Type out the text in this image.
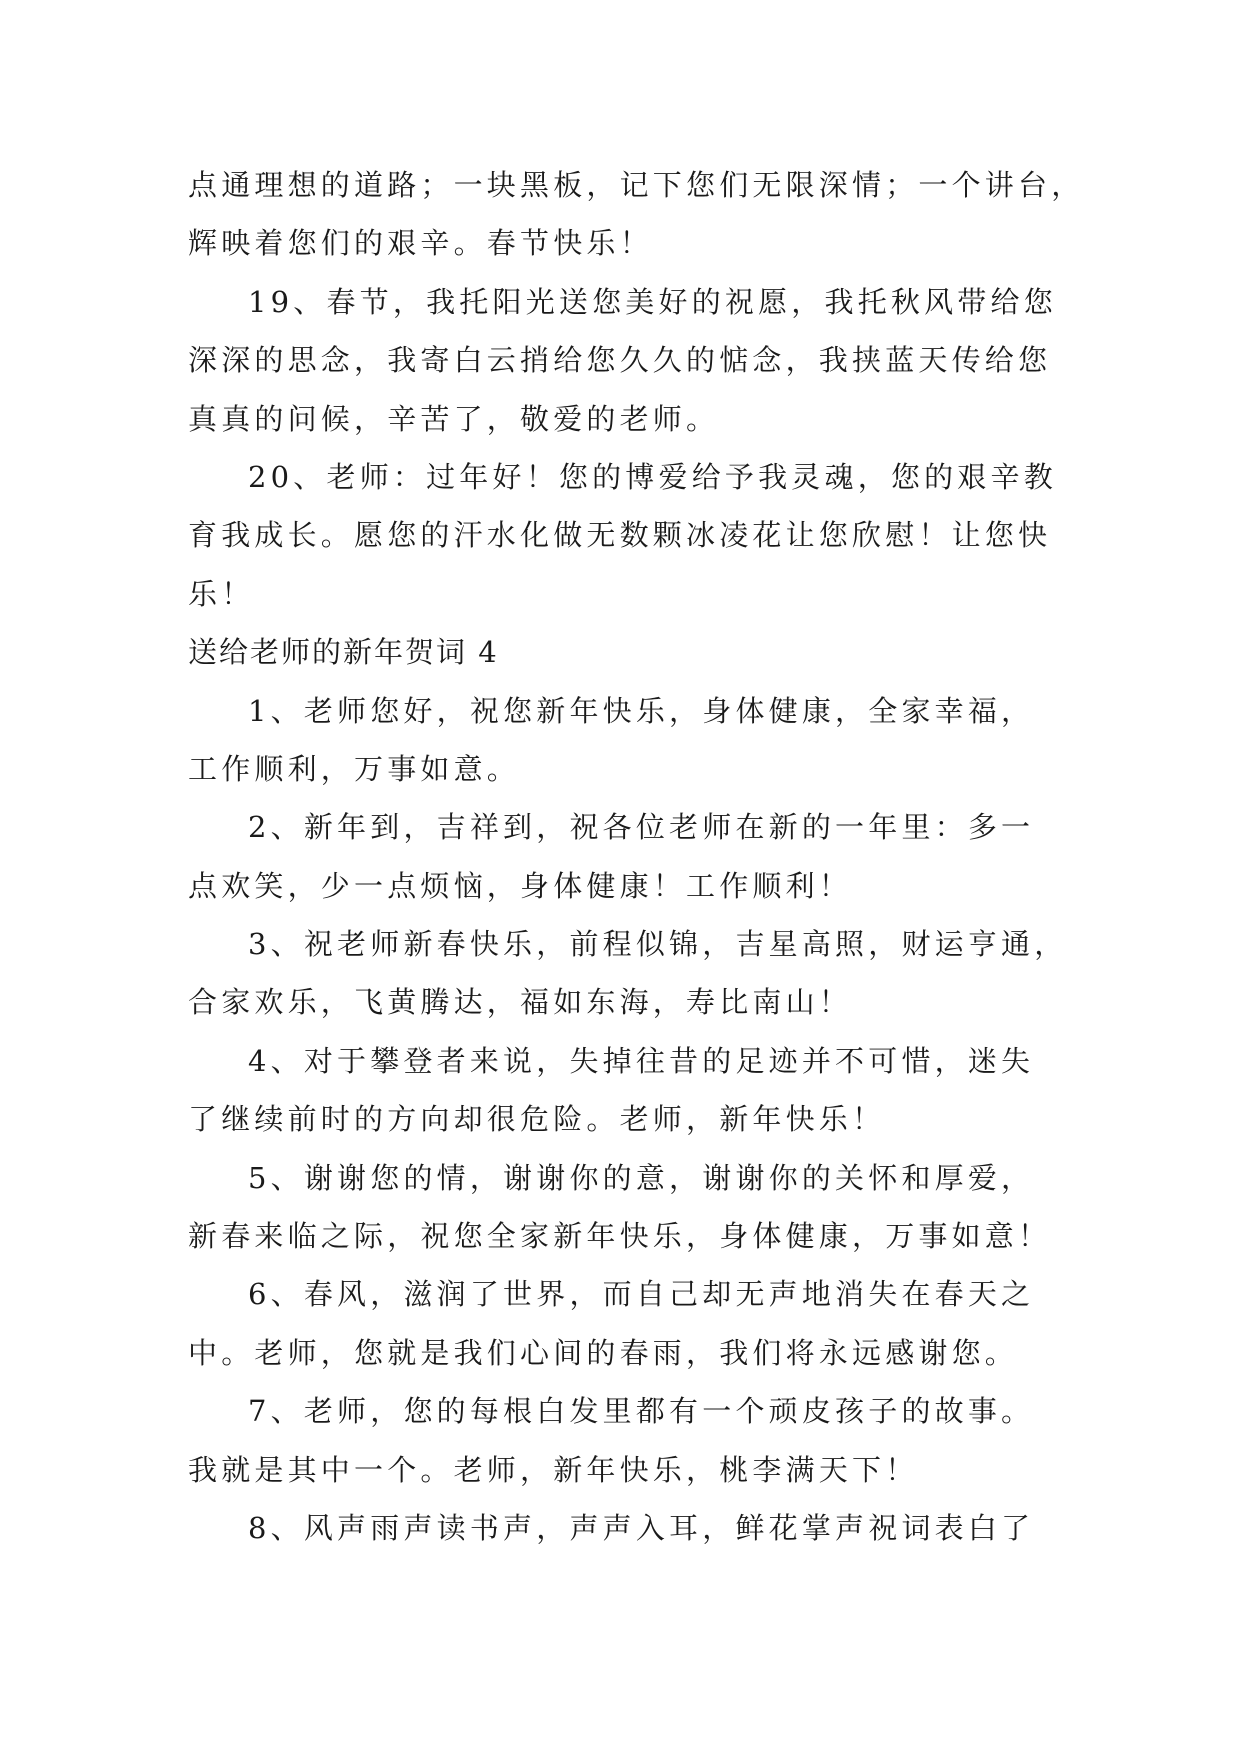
点通理想的道路；一块黑板，记下您们无限深情；一个讲台，
辉映着您们的艰辛。春节快乐！
19、春节，我托阳光送您美好的祝愿，我托秋风带给您
深深的思念，我寄白云捎给您久久的惦念，我挟蓝天传给您
真真的问候，辛苦了，敬爱的老师。
20、老师：过年好！您的博爱给予我灵魂，您的艰辛教
育我成长。愿您的汗水化做无数颗冰凌花让您欣慰！让您快
乐！
送给老师的新年贺词 4
1、老师您好，祝您新年快乐，身体健康，全家幸福，
工作顺利，万事如意。
2、新年到，吉祥到，祝各位老师在新的一年里：多一
点欢笑，少一点烦恼，身体健康！工作顺利！
3、祝老师新春快乐，前程似锦，吉星高照，财运亨通，
合家欢乐，飞黄腾达，福如东海，寿比南山！
4、对于攀登者来说，失掉往昔的足迹并不可惜，迷失
了继续前时的方向却很危险。老师，新年快乐！
5、谢谢您的情，谢谢你的意，谢谢你的关怀和厚爱，
新春来临之际，祝您全家新年快乐，身体健康，万事如意！
6、春风，滋润了世界，而自己却无声地消失在春天之
中。老师，您就是我们心间的春雨，我们将永远感谢您。
7、老师，您的每根白发里都有一个顽皮孩子的故事。
我就是其中一个。老师，新年快乐，桃李满天下！
8、风声雨声读书声，声声入耳，鲜花掌声祝词表白了
